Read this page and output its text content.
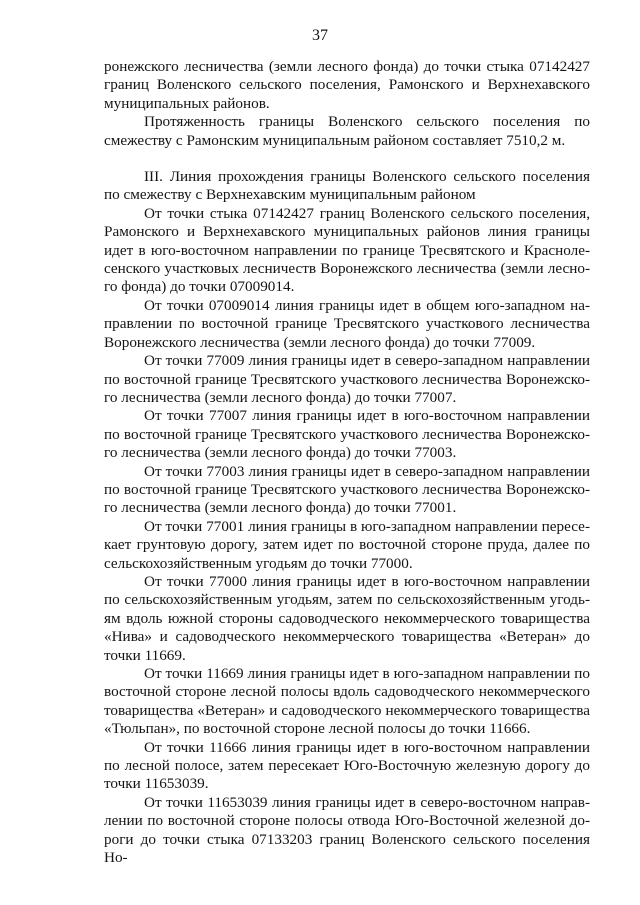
37

ронежского лесничества (земли лесного фонда) до точки стыка 07142427 границ Воленского сельского поселения, Рамонского и Верхнехавского муниципальных районов.

Протяженность границы Воленского сельского поселения по смежеству с Рамонским муниципальным районом составляет 7510,2 м.

III. Линия прохождения границы Воленского сельского поселения по смежеству с Верхнехавским муниципальным районом

От точки стыка 07142427 границ Воленского сельского поселения, Рамонского и Верхнехавского муниципальных районов линия границы идет в юго-восточном направлении по границе Тресвятского и Краснолесенского участковых лесничеств Воронежского лесничества (земли лесного фонда) до точки 07009014.

От точки 07009014 линия границы идет в общем юго-западном направлении по восточной границе Тресвятского участкового лесничества Воронежского лесничества (земли лесного фонда) до точки 77009.

От точки 77009 линия границы идет в северо-западном направлении по восточной границе Тресвятского участкового лесничества Воронежского лесничества (земли лесного фонда) до точки 77007.

От точки 77007 линия границы идет в юго-восточном направлении по восточной границе Тресвятского участкового лесничества Воронежского лесничества (земли лесного фонда) до точки 77003.

От точки 77003 линия границы идет в северо-западном направлении по восточной границе Тресвятского участкового лесничества Воронежского лесничества (земли лесного фонда) до точки 77001.

От точки 77001 линия границы в юго-западном направлении пересекает грунтовую дорогу, затем идет по восточной стороне пруда, далее по сельскохозяйственным угодьям до точки 77000.

От точки 77000 линия границы идет в юго-восточном направлении по сельскохозяйственным угодьям, затем по сельскохозяйственным угодьям вдоль южной стороны садоводческого некоммерческого товарищества «Нива» и садоводческого некоммерческого товарищества «Ветеран» до точки 11669.

От точки 11669 линия границы идет в юго-западном направлении по восточной стороне лесной полосы вдоль садоводческого некоммерческого товарищества «Ветеран» и садоводческого некоммерческого товарищества «Тюльпан», по восточной стороне лесной полосы до точки 11666.

От точки 11666 линия границы идет в юго-восточном направлении по лесной полосе, затем пересекает Юго-Восточную железную дорогу до точки 11653039.

От точки 11653039 линия границы идет в северо-восточном направлении по восточной стороне полосы отвода Юго-Восточной железной дороги до точки стыка 07133203 границ Воленского сельского поселения Но-
